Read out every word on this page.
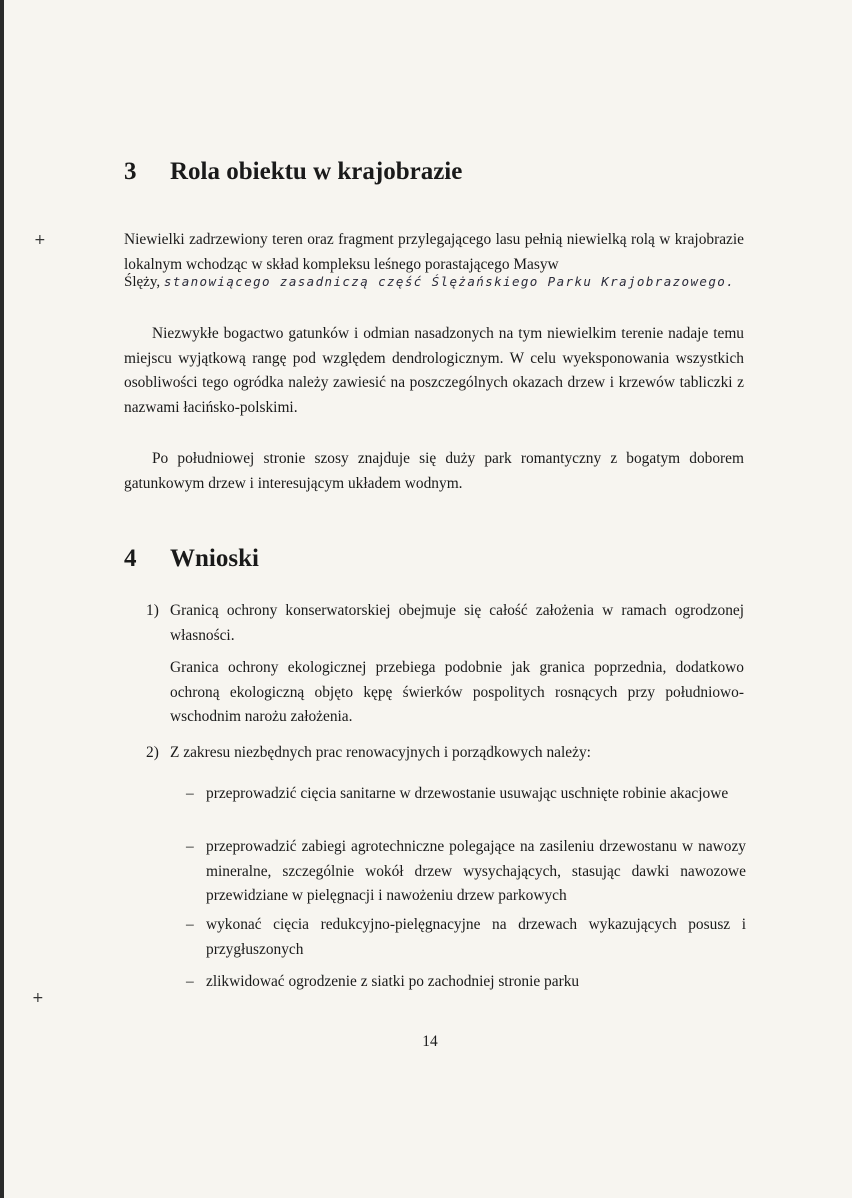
+
+
3 Rola obiektu w krajobrazie

Niewielki zadrzewiony teren oraz fragment przylegającego lasu pełnią niewielką rolą w krajobrazie lokalnym wchodząc w skład kompleksu leśnego porastającego Masyw

Ślęży, stanowiącego zasadniczą część Ślężańskiego Parku Krajobrazowego.

Niezwykłe bogactwo gatunków i odmian nasadzonych na tym niewielkim terenie nadaje temu miejscu wyjątkową rangę pod względem dendrologicznym. W celu wyeksponowania wszystkich osobliwości tego ogródka należy zawiesić na poszczególnych okazach drzew i krzewów tabliczki z nazwami łacińsko-polskimi.

Po południowej stronie szosy znajduje się duży park romantyczny z bogatym doborem gatunkowym drzew i interesującym układem wodnym.

4 Wnioski
1) Granicą ochrony konserwatorskiej obejmuje się całość założenia w ramach ogrodzonej własności.

Granica ochrony ekologicznej przebiega podobnie jak granica poprzednia, dodatkowo ochroną ekologiczną objęto kępę świerków pospolitych rosnących przy południowo-wschodnim narożu założenia.

2) Z zakresu niezbędnych prac renowacyjnych i porządkowych należy:

– przeprowadzić cięcia sanitarne w drzewostanie usuwając uschnięte robinie akacjowe

– przeprowadzić zabiegi agrotechniczne polegające na zasileniu drzewostanu w nawozy mineralne, szczególnie wokół drzew wysychających, stasując dawki nawozowe przewidziane w pielęgnacji i nawożeniu drzew parkowych

– wykonać cięcia redukcyjno-pielęgnacyjne na drzewach wykazujących posusz i przygłuszonych

– zlikwidować ogrodzenie z siatki po zachodniej stronie parku

14
